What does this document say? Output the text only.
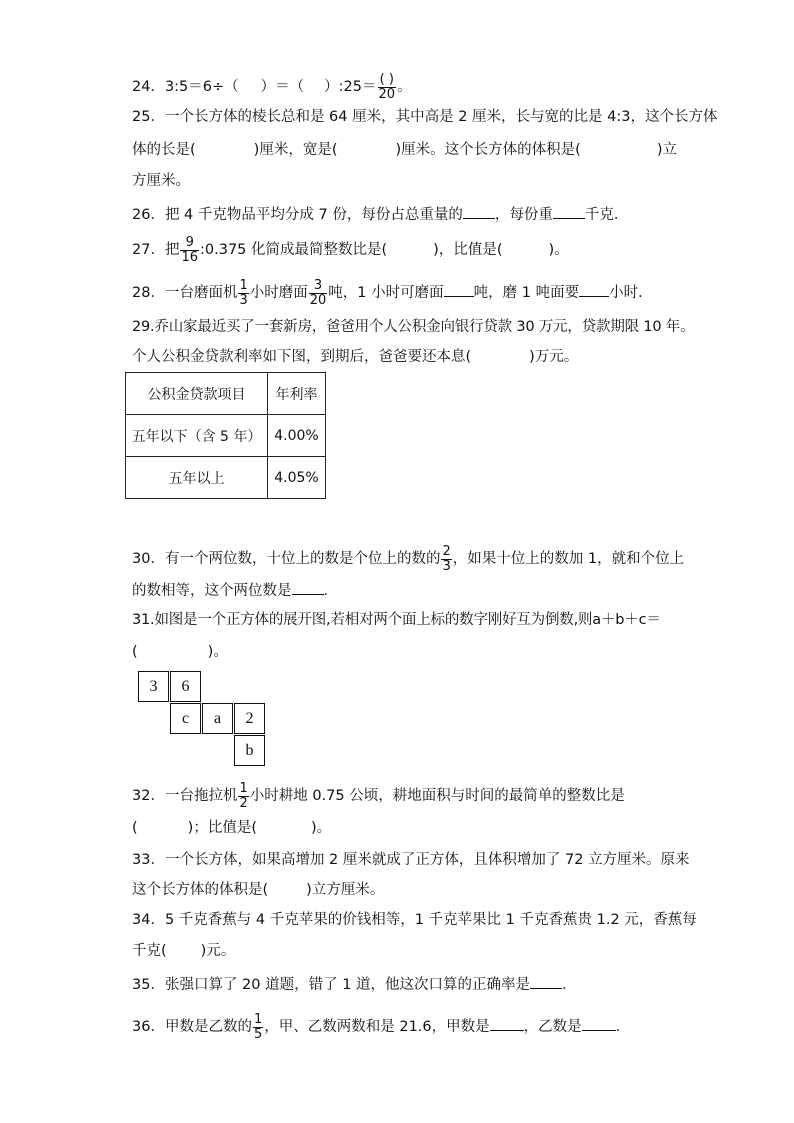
24．3:5＝6÷（ ）＝（ ）:25＝ $\frac{( )}{20}$ 。
25．一个长方体的棱长总和是 64 厘米，其中高是 2 厘米，长与宽的比是 4:3，这个长方体
体的长是(	)厘米，宽是(	)厘米。这个长方体的体积是(	)立
方厘米。
26．把 4 千克物品平均分成 7 份，每份占总重量的 ，每份重 千克．
27．把 $\frac{9}{16}$ :0.375 化简成最简整数比是(	)，比值是(	)。
28．一台磨面机 $\frac{1}{3}$ 小时磨面 $\frac{3}{20}$ 吨，1 小时可磨面 吨，磨 1 吨面要 小时．
29.乔山家最近买了一套新房，爸爸用个人公积金向银行贷款 30 万元，贷款期限 10 年。
个人公积金贷款利率如下图，到期后，爸爸要还本息(	)万元。
公积金贷款项目	年利率
五年以下（含 5 年）	4.00%
五年以上	4.05%
30．有一个两位数，十位上的数是个位上的数的 $\frac{2}{3}$ ，如果十位上的数加 1，就和个位上
的数相等，这个两位数是 ．
31.如图是一个正方体的展开图,若相对两个面上标的数字刚好互为倒数,则a＋b＋c＝
(	)。
3	6
c	a	2
b
32．一台拖拉机 $\frac{1}{2}$ 小时耕地 0.75 公顷，耕地面积与时间的最简单的整数比是
(	)；比值是(	)。
33．一个长方体，如果高增加 2 厘米就成了正方体，且体积增加了 72 立方厘米。原来
这个长方体的体积是(	)立方厘米。
34．5 千克香蕉与 4 千克苹果的价钱相等，1 千克苹果比 1 千克香蕉贵 1.2 元，香蕉每
千克( )元。
35．张强口算了 20 道题，错了 1 道，他这次口算的正确率是 ．
36．甲数是乙数的 $\frac{1}{5}$ ，甲、乙数两数和是 21.6，甲数是 ，乙数是 ．
